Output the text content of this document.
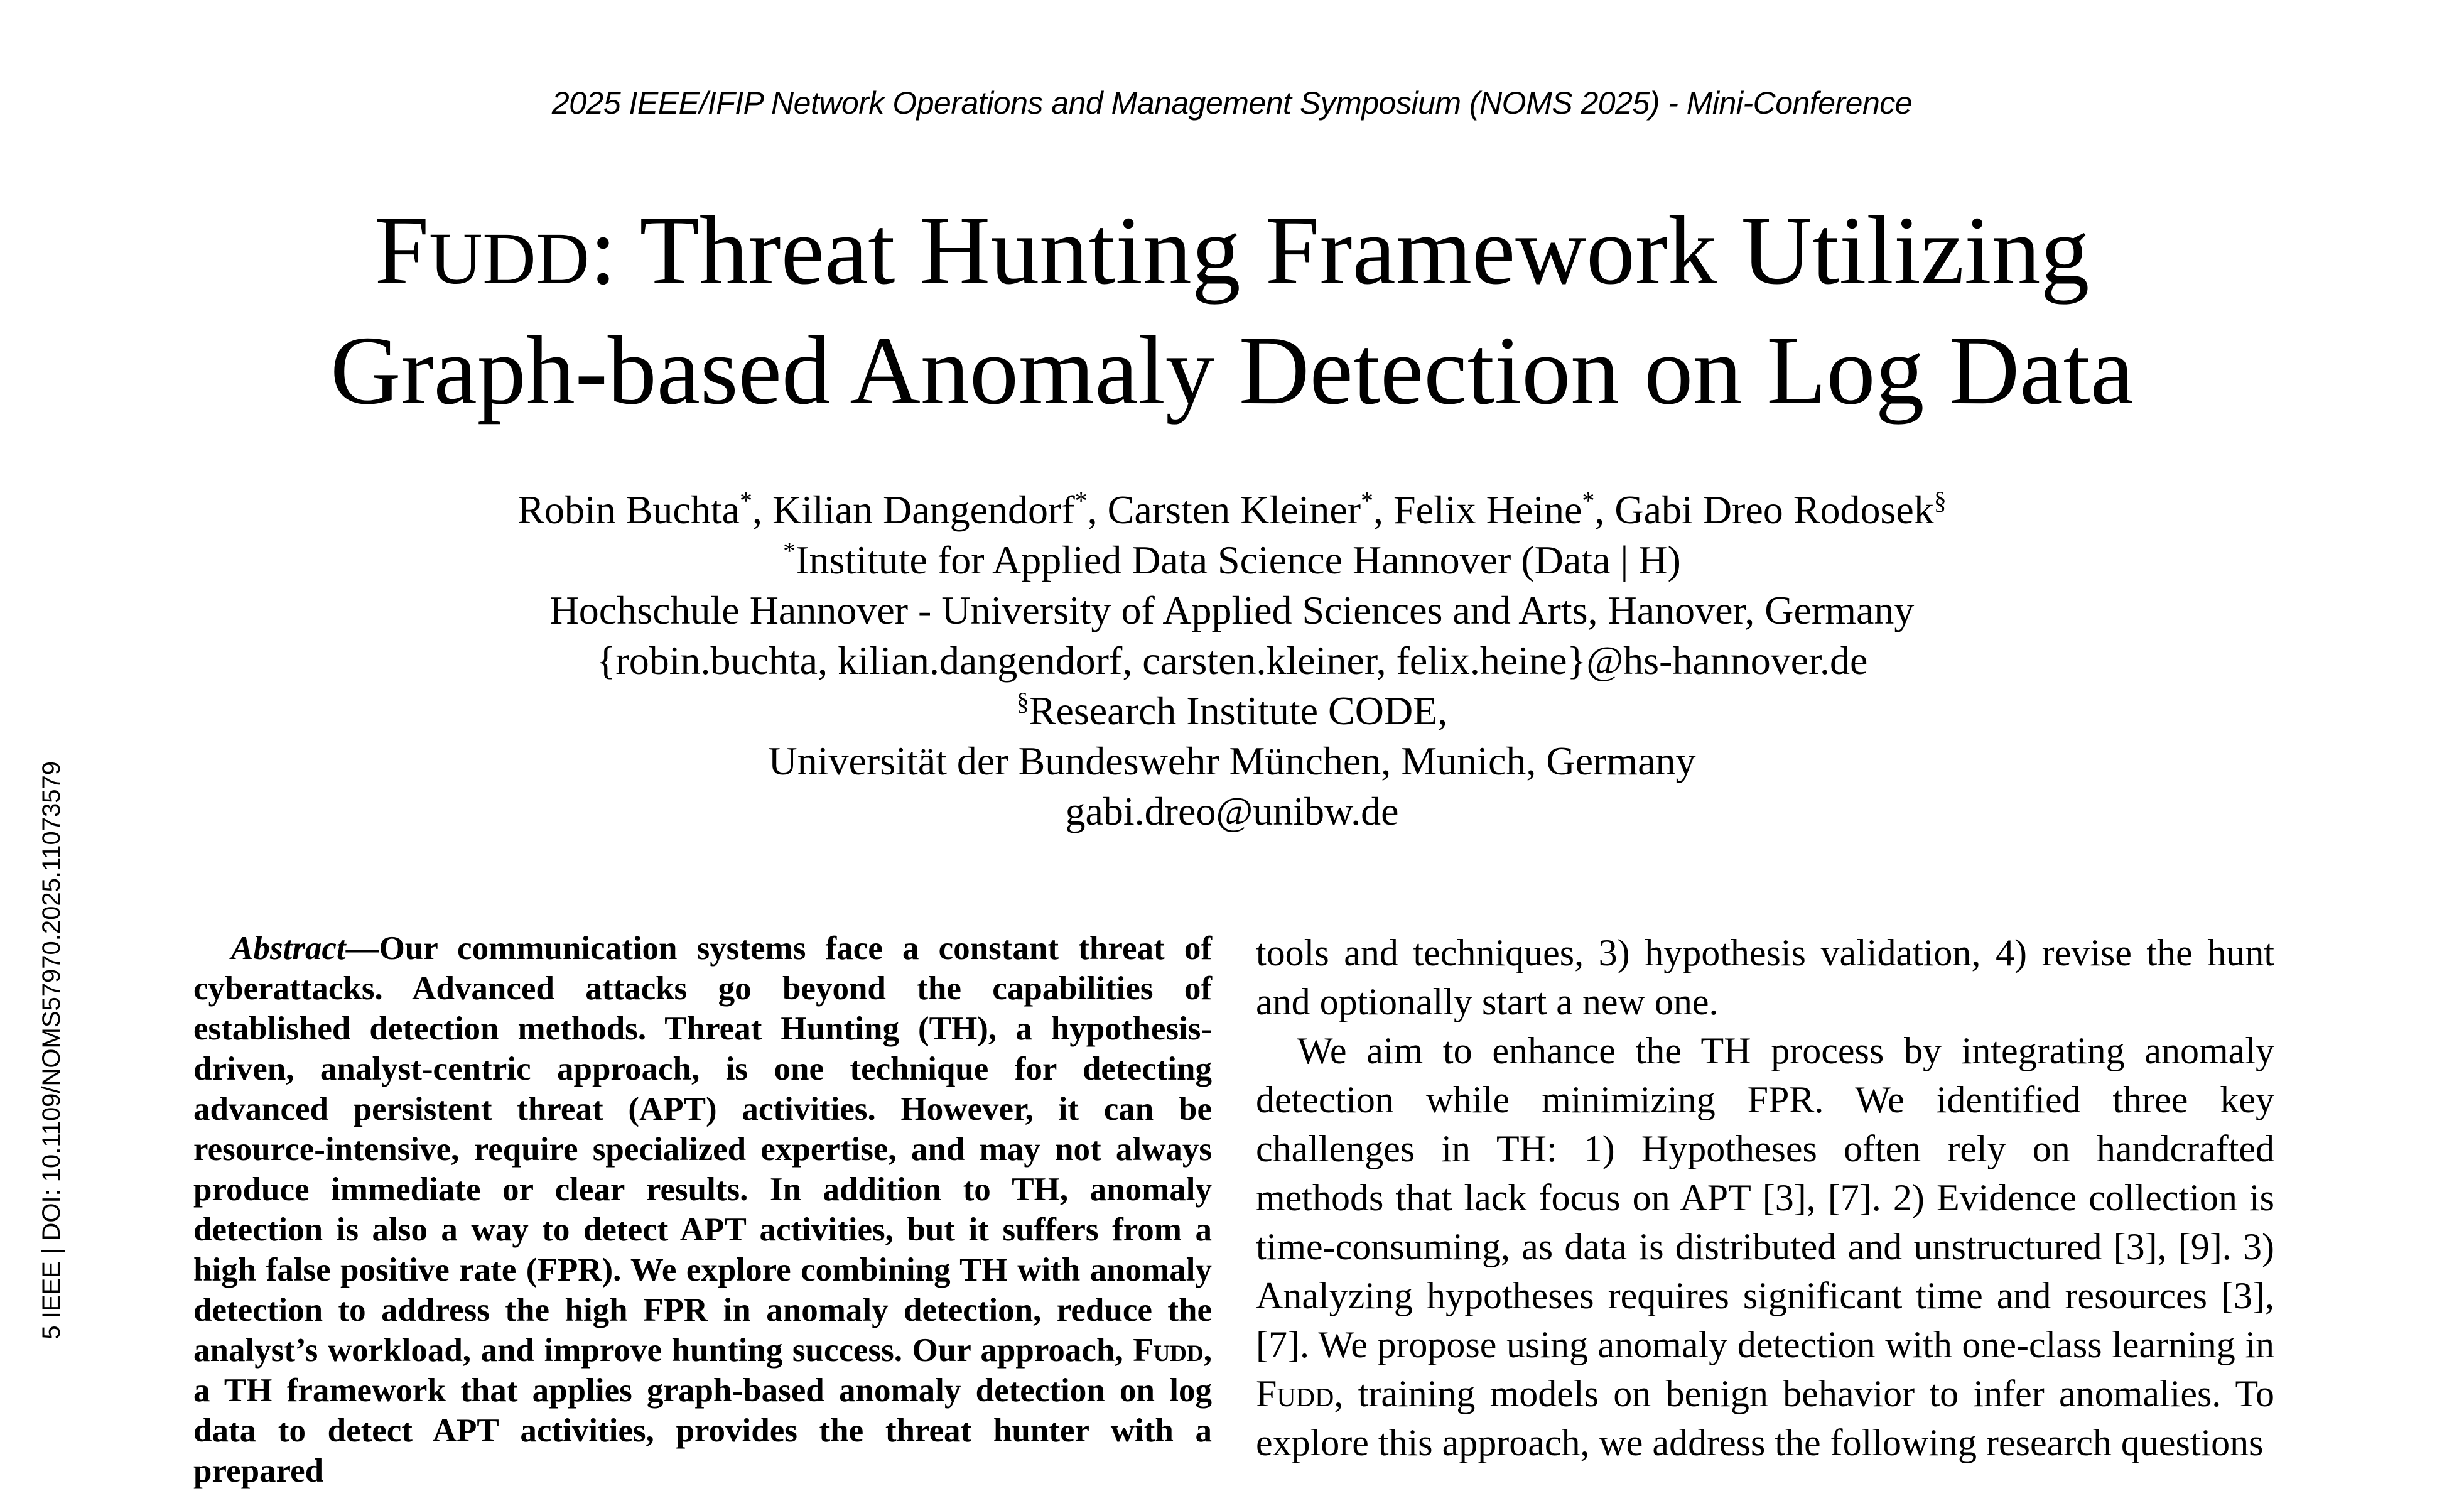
2025 IEEE/IFIP Network Operations and Management Symposium (NOMS 2025) - Mini-Conference
FUDD: Threat Hunting Framework Utilizing
Graph-based Anomaly Detection on Log Data
Robin Buchta*, Kilian Dangendorf*, Carsten Kleiner*, Felix Heine*, Gabi Dreo Rodosek§
*Institute for Applied Data Science Hannover (Data | H)
Hochschule Hannover - University of Applied Sciences and Arts, Hanover, Germany
{robin.buchta, kilian.dangendorf, carsten.kleiner, felix.heine}@hs-hannover.de
§Research Institute CODE,
Universität der Bundeswehr München, Munich, Germany
gabi.dreo@unibw.de
5 IEEE | DOI: 10.1109/NOMS57970.2025.11073579	Abstract—Our communication systems face a constant threat of cyberattacks. Advanced attacks go beyond the capabilities of established detection methods. Threat Hunting (TH), a hypothesis-driven, analyst-centric approach, is one technique for detecting advanced persistent threat (APT) activities. However, it can be resource-intensive, require specialized expertise, and may not always produce immediate or clear results. In addition to TH, anomaly detection is also a way to detect APT activities, but it suffers from a high false positive rate (FPR). We explore combining TH with anomaly detection to address the high FPR in anomaly detection, reduce the analyst’s workload, and improve hunting success. Our approach, Fudd, a TH framework that applies graph-based anomaly detection on log data to detect APT activities, provides the threat hunter with a prepared

tools and techniques, 3) hypothesis validation, 4) revise the hunt and optionally start a new one.

We aim to enhance the TH process by integrating anomaly detection while minimizing FPR. We identified three key challenges in TH: 1) Hypotheses often rely on handcrafted methods that lack focus on APT [3], [7]. 2) Evidence collection is time-consuming, as data is distributed and unstructured [3], [9]. 3) Analyzing hypotheses requires significant time and resources [3], [7]. We propose using anomaly detection with one-class learning in Fudd, training models on benign behavior to infer anomalies. To explore this approach, we address the following research questions
